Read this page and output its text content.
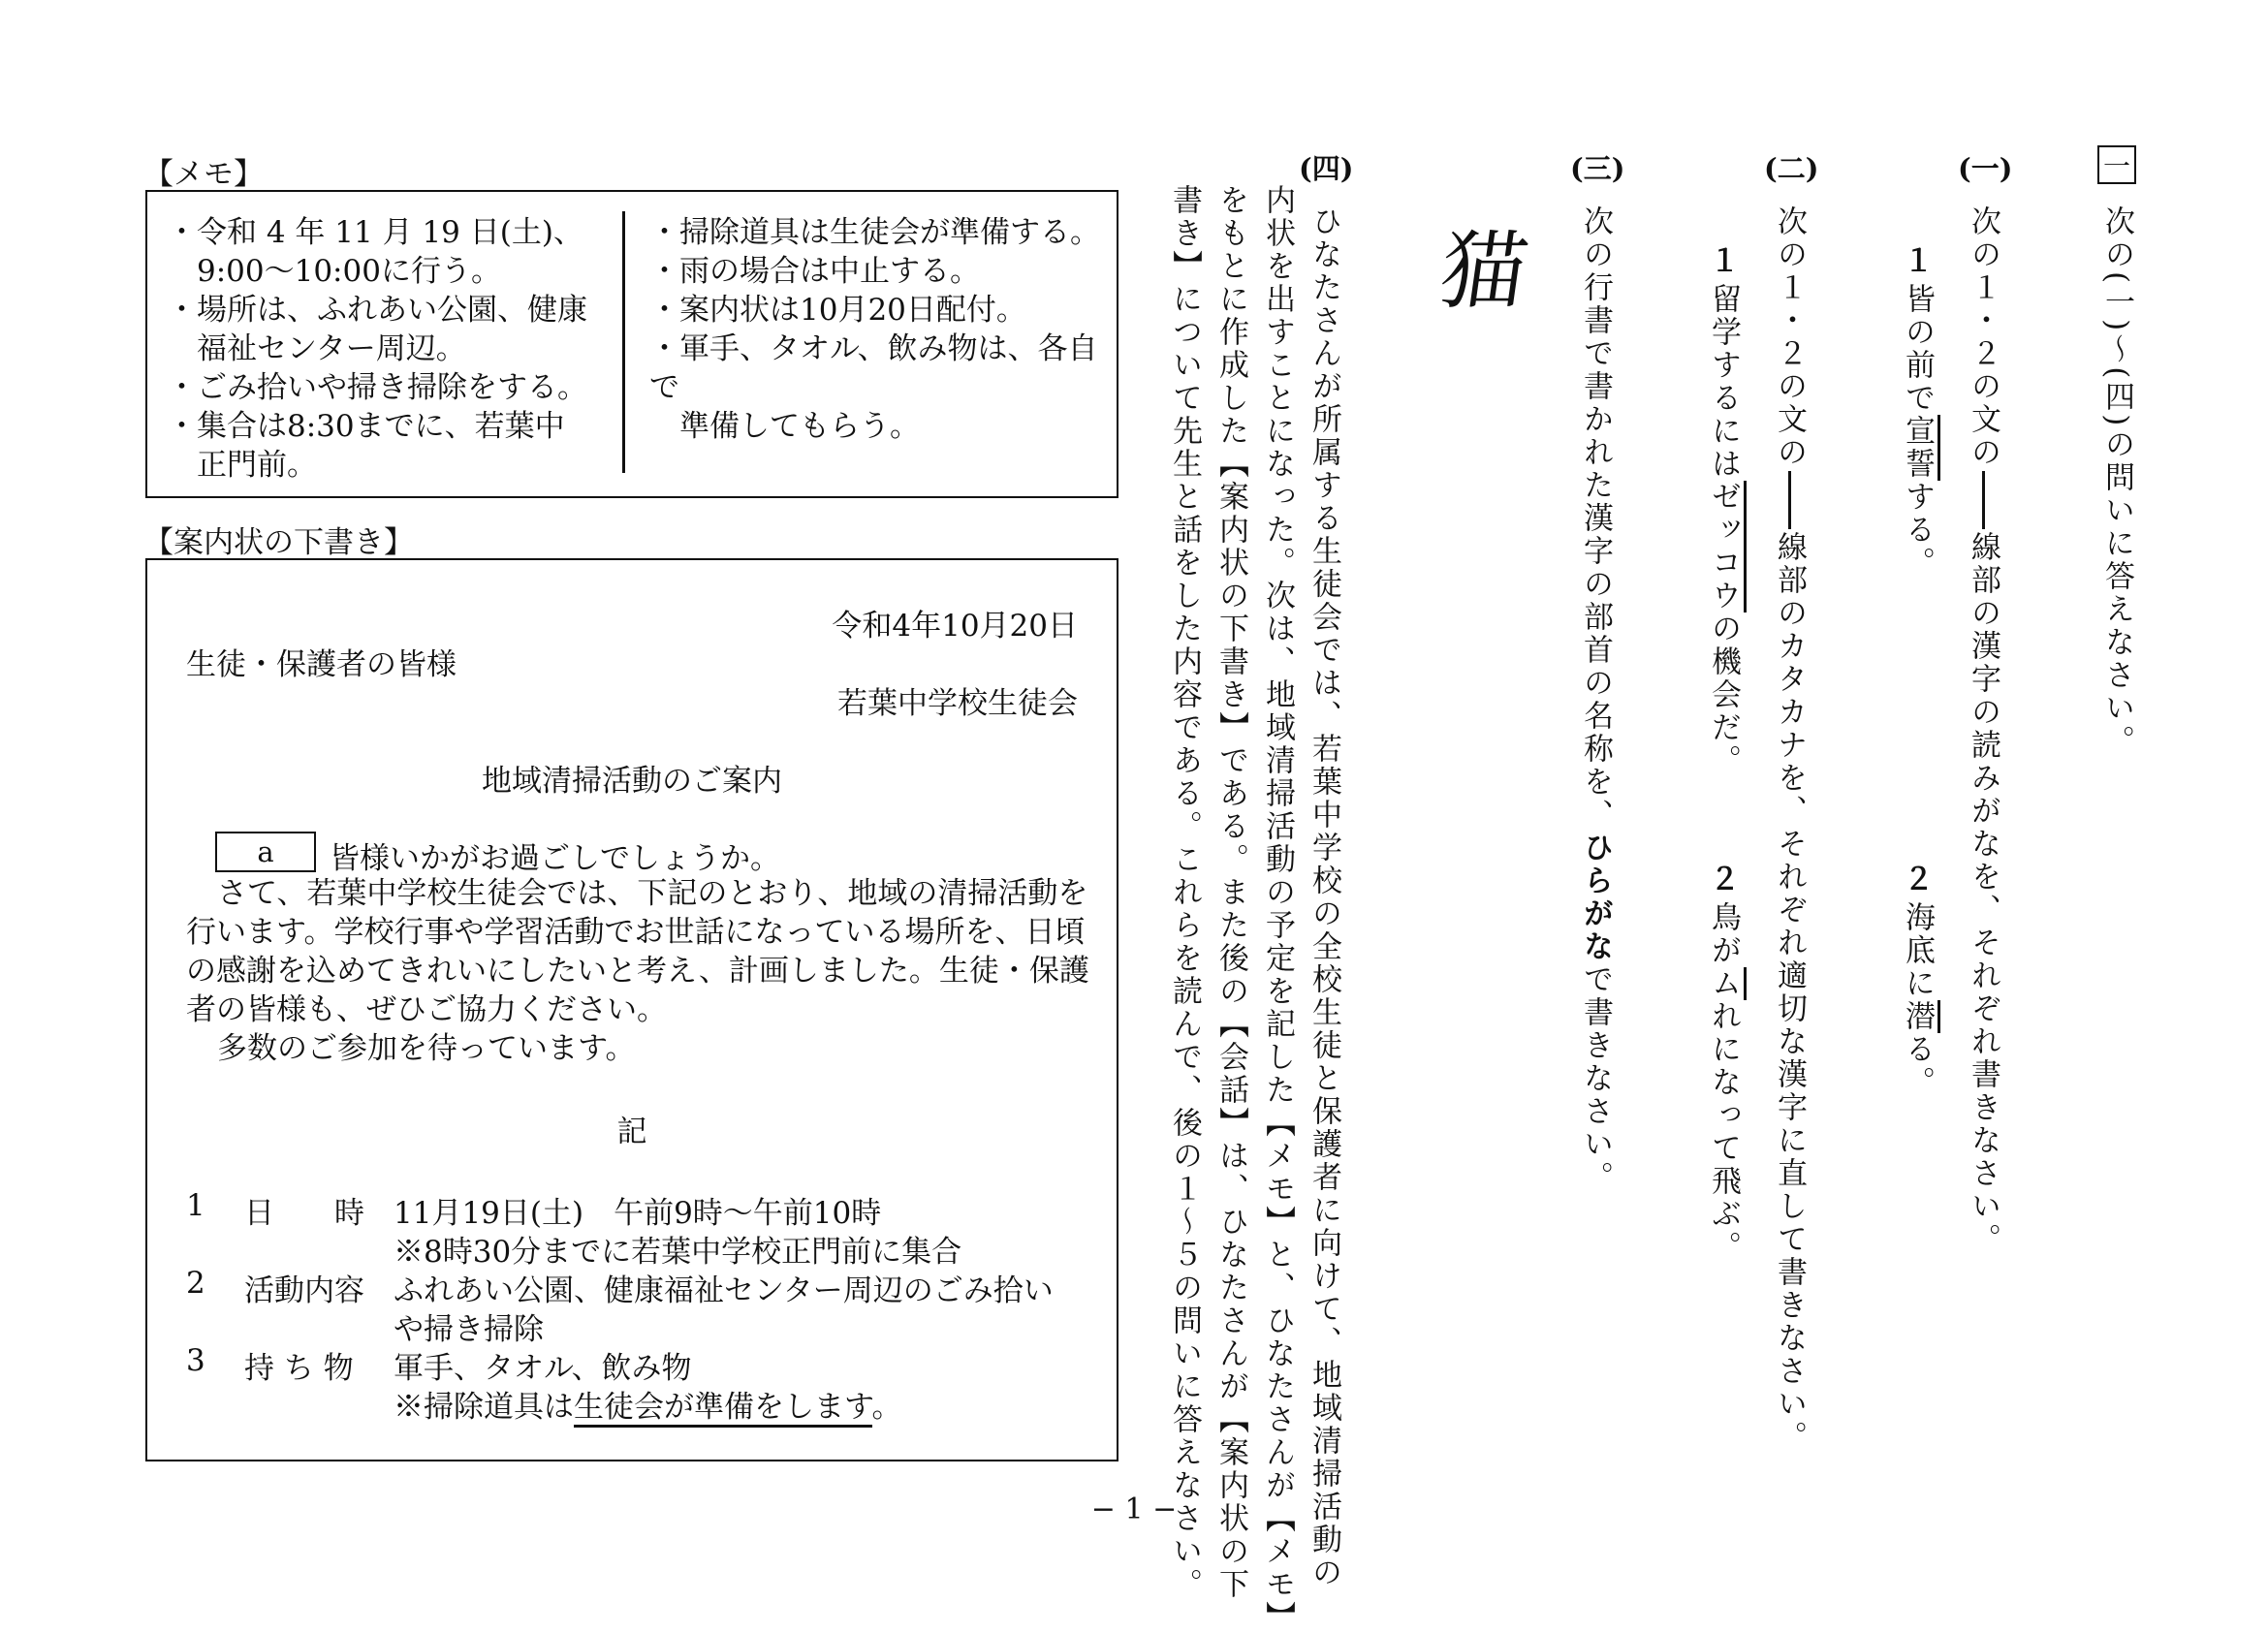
一
次の(一)〜(四)の問いに答えなさい。
(一)
次の１・２の文の線部の漢字の読みがなを、それぞれ書きなさい。
１
皆の前で宣誓する。
２
海底に潜る。
(二)
次の１・２の文の線部のカタカナを、それぞれ適切な漢字に直して書きなさい。
１
留学するにはゼッコウの機会だ。
２
鳥がムれになって飛ぶ。
(三)
次の行書で書かれた漢字の部首の名称を、ひらがなで書きなさい。
猫
(四)
ひなたさんが所属する生徒会では、若葉中学校の全校生徒と保護者に向けて、地域清掃活動の
内状を出すことになった。次は、地域清掃活動の予定を記した【メモ】と、ひなたさんが【メモ】
をもとに作成した【案内状の下書き】である。また後の【会話】は、ひなたさんが【案内状の下
書き】について先生と話をした内容である。これらを読んで、後の１〜５の問いに答えなさい。
【メモ】
・令和 4 年 11 月 19 日(土)、
　9:00〜10:00に行う。
・場所は、ふれあい公園、健康
　福祉センター周辺。
・ごみ拾いや掃き掃除をする。
・集合は8:30までに、若葉中
　正門前。
・掃除道具は生徒会が準備する。
・雨の場合は中止する。
・案内状は10月20日配付。
・軍手、タオル、飲み物は、各自で
　準備してもらう。
【案内状の下書き】
令和4年10月20日
生徒・保護者の皆様
若葉中学校生徒会
地域清掃活動のご案内
a	皆様いかがお過ごしでしょうか。
さて、若葉中学校生徒会では、下記のとおり、地域の清掃活動を
行います。学校行事や学習活動でお世話になっている場所を、日頃
の感謝を込めてきれいにしたいと考え、計画しました。生徒・保護
者の皆様も、ぜひご協力ください。
多数のご参加を待っています。
記
1 日　　時 11月19日(土)　午前9時〜午前10時
※8時30分までに若葉中学校正門前に集合
2 活動内容 ふれあい公園、健康福祉センター周辺のごみ拾い
や掃き掃除
3 持 ち 物 軍手、タオル、飲み物
※掃除道具は生徒会が準備をします。
− 1 −
